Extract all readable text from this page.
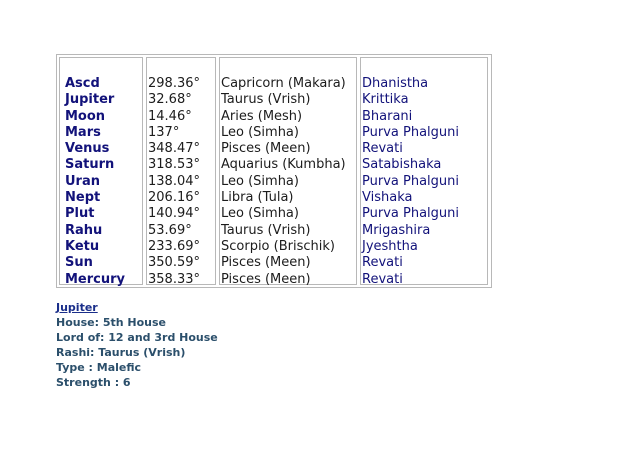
Ascd
Jupiter
Moon
Mars
Venus
Saturn
Uran
Nept
Plut
Rahu
Ketu
Sun
Mercury
298.36°
32.68°
14.46°
137°
348.47°
318.53°
138.04°
206.16°
140.94°
53.69°
233.69°
350.59°
358.33°
Capricorn (Makara)
Taurus (Vrish)
Aries (Mesh)
Leo (Simha)
Pisces (Meen)
Aquarius (Kumbha)
Leo (Simha)
Libra (Tula)
Leo (Simha)
Taurus (Vrish)
Scorpio (Brischik)
Pisces (Meen)
Pisces (Meen)
Dhanistha
Krittika
Bharani
Purva Phalguni
Revati
Satabishaka
Purva Phalguni
Vishaka
Purva Phalguni
Mrigashira
Jyeshtha
Revati
Revati
Jupiter
House: 5th House
Lord of: 12 and 3rd House
Rashi: Taurus (Vrish)
Type : Malefic
Strength : 6
